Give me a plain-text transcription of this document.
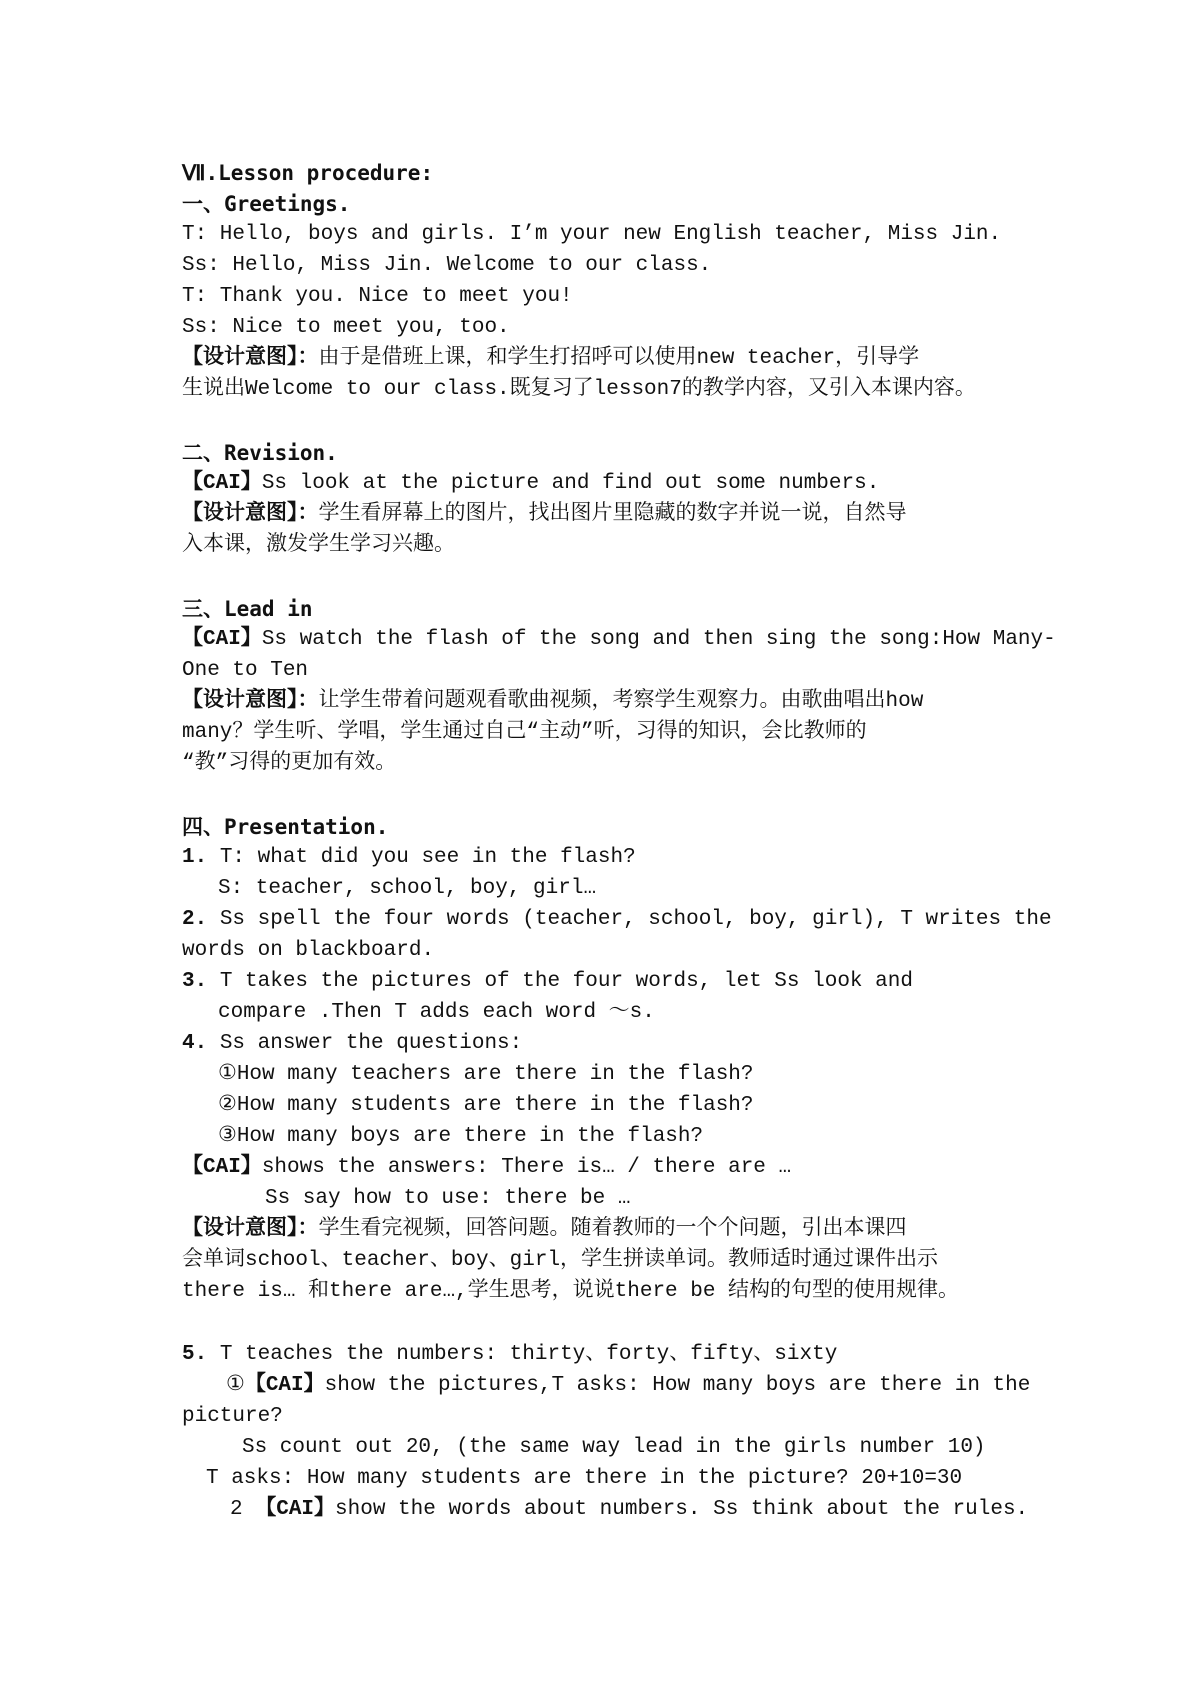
Ⅶ.Lesson procedure:
一、Greetings.
T: Hello, boys and girls. I’m your new English teacher, Miss Jin.
Ss: Hello, Miss Jin. Welcome to our class.
T: Thank you. Nice to meet you!
Ss: Nice to meet you, too.
【设计意图】：由于是借班上课，和学生打招呼可以使用new teacher，引导学
生说出Welcome to our class.既复习了lesson7的教学内容，又引入本课内容。
二、Revision.
【CAI】Ss look at the picture and find out some numbers.
【设计意图】：学生看屏幕上的图片，找出图片里隐藏的数字并说一说，自然导
入本课，激发学生学习兴趣。
三、Lead in
【CAI】Ss watch the flash of the song and then sing the song:How Many-
One to Ten
【设计意图】：让学生带着问题观看歌曲视频，考察学生观察力。由歌曲唱出how
many？学生听、学唱，学生通过自己“主动”听，习得的知识，会比教师的
“教”习得的更加有效。
四、Presentation.
1. T: what did you see in the flash?
S: teacher, school, boy, girl…
2. Ss spell the four words (teacher, school, boy, girl), T writes the
words on blackboard.
3. T takes the pictures of the four words, let Ss look and
compare .Then T adds each word ～s.
4. Ss answer the questions:
①How many teachers are there in the flash?
②How many students are there in the flash?
③How many boys are there in the flash?
【CAI】shows the answers: There is… / there are …
Ss say how to use: there be …
【设计意图】：学生看完视频，回答问题。随着教师的一个个问题，引出本课四
会单词school、teacher、boy、girl，学生拼读单词。教师适时通过课件出示
there is… 和there are…,学生思考，说说there be 结构的句型的使用规律。
5. T teaches the numbers: thirty、forty、fifty、sixty
①【CAI】show the pictures,T asks: How many boys are there in the
picture?
Ss count out 20, (the same way lead in the girls number 10)
T asks: How many students are there in the picture? 20+10=30
2 【CAI】show the words about numbers. Ss think about the rules.
